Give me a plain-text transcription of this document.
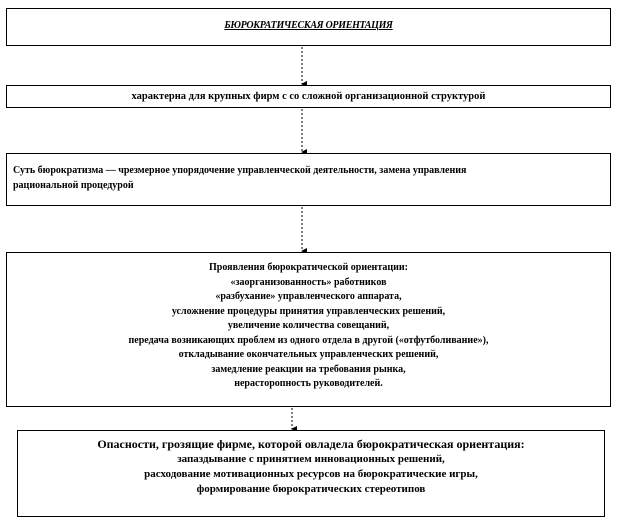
БЮРОКРАТИЧЕСКАЯ ОРИЕНТАЦИЯ
характерна для крупных фирм с со сложной организационной структурой
Суть бюрократизма — чрезмерное упорядочение управленческой деятельности, замена управления
рациональной процедурой
Проявления бюрократической ориентации:
«заорганизованность» работников
«разбухание» управленческого аппарата,
усложнение процедуры принятия управленческих решений,
увеличение количества совещаний,
передача возникающих проблем из одного отдела в другой («отфутболивание»),
откладывание окончательных управленческих решений,
замедление реакции на требования рынка,
нерасторопность руководителей.
Опасности, грозящие фирме, которой овладела бюрократическая ориентация:
запаздывание с принятием инновационных решений,
расходование мотивационных ресурсов на бюрократические игры,
формирование бюрократических стереотипов
